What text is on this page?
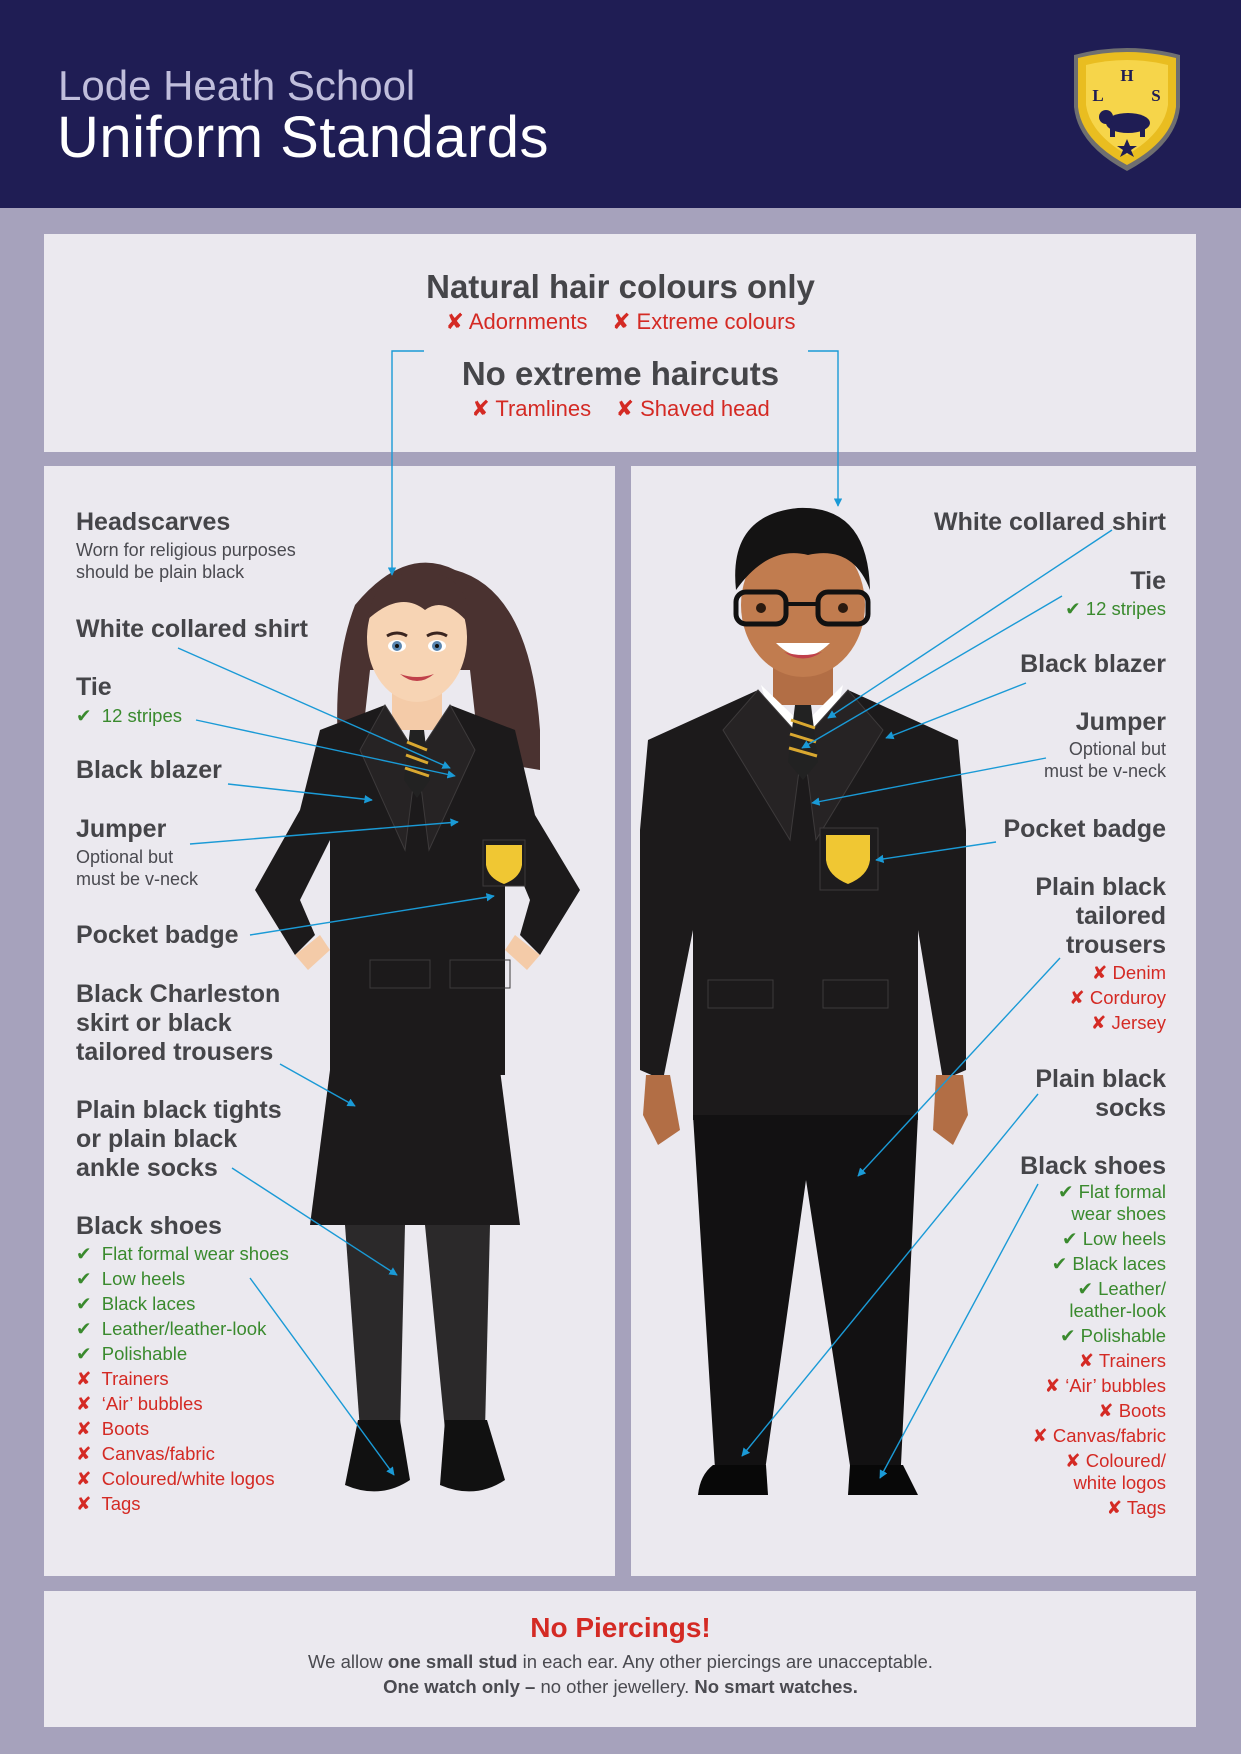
Lode Heath School
Uniform Standards
H
L	S
Natural hair colours only
✘ Adornments ✘ Extreme colours
No extreme haircuts
✘ Tramlines ✘ Shaved head
Headscarves
Worn for religious purposes
should be plain black
White collared shirt
Tie
✔ 12 stripes
Black blazer
Jumper
Optional but
must be v-neck
Pocket badge
Black Charleston
skirt or black
tailored trousers
Plain black tights
or plain black
ankle socks
Black shoes
✔ Flat formal wear shoes
✔ Low heels
✔ Black laces
✔ Leather/leather-look
✔ Polishable
✘ Trainers
✘ ‘Air’ bubbles
✘ Boots
✘ Canvas/fabric
✘ Coloured/white logos
✘ Tags
White collared shirt
Tie
✔ 12 stripes
Black blazer
Jumper
Optional but
must be v-neck
Pocket badge
Plain black
tailored
trousers
✘ Denim
✘ Corduroy
✘ Jersey
Plain black
socks
Black shoes
✔ Flat formal
wear shoes
✔ Low heels
✔ Black laces
✔ Leather/
leather-look
✔ Polishable
✘ Trainers
✘ ‘Air’ bubbles
✘ Boots
✘ Canvas/fabric
✘ Coloured/
white logos
✘ Tags
No Piercings!
We allow one small stud in each ear. Any other piercings are unacceptable.
One watch only – no other jewellery. No smart watches.
